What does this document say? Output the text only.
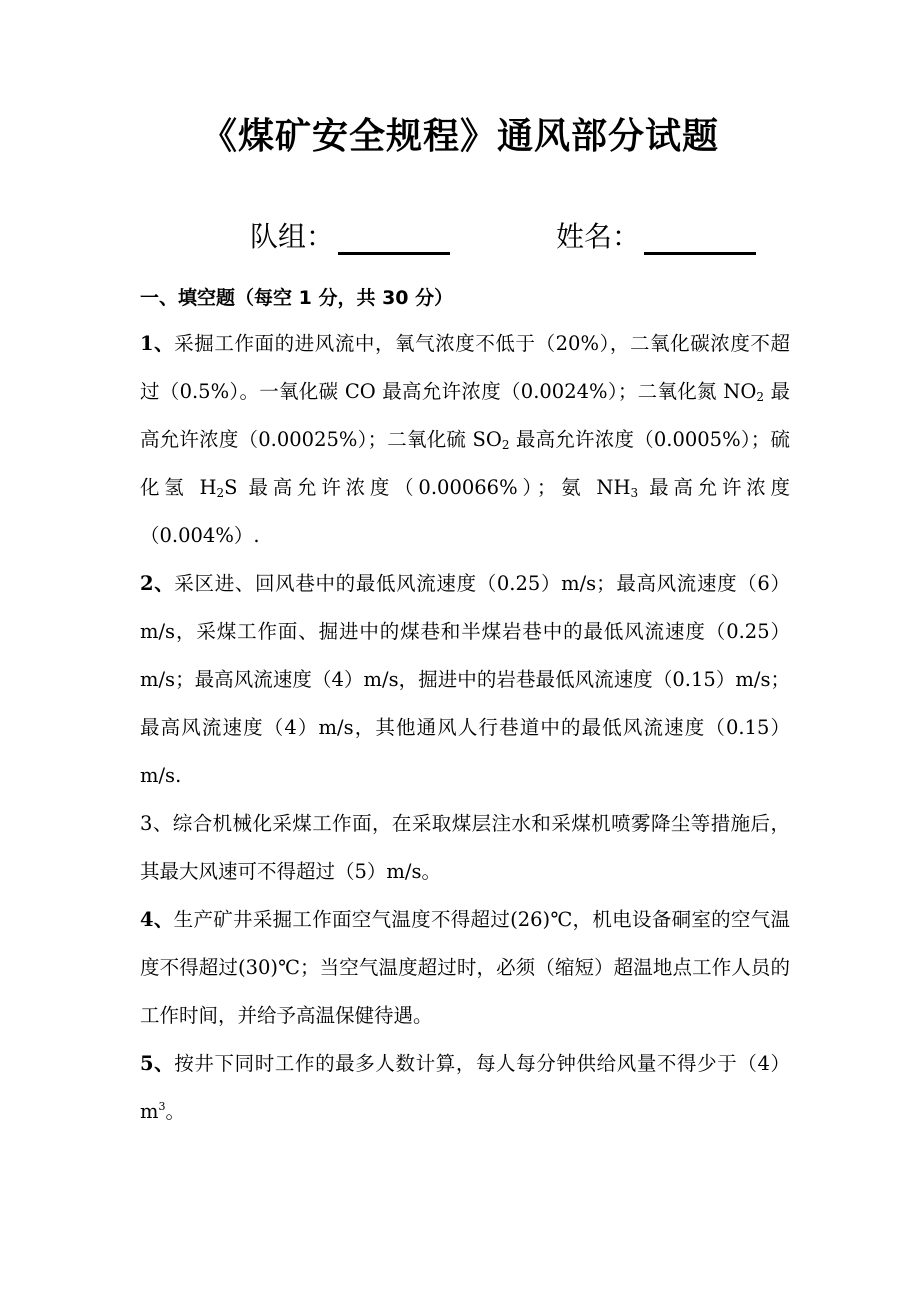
《煤矿安全规程》通风部分试题
队组：	姓名：
一、填空题（每空 1 分，共 30 分）

1、采掘工作面的进风流中，氧气浓度不低于（20%），二氧化碳浓度不超过（0.5%）。一氧化碳 CO 最高允许浓度（0.0024%）；二氧化氮 $NO_2$ 最高允许浓度（0.00025%）；二氧化硫 $SO_2$ 最高允许浓度（0.0005%）；硫化氢 $H_2S$ 最高允许浓度（0.00066%）；氨 $NH_3$ 最高允许浓度（0.004%）.

2、采区进、回风巷中的最低风流速度（0.25）m/s；最高风流速度（6）m/s，采煤工作面、掘进中的煤巷和半煤岩巷中的最低风流速度（0.25）m/s；最高风流速度（4）m/s，掘进中的岩巷最低风流速度（0.15）m/s；最高风流速度（4）m/s，其他通风人行巷道中的最低风流速度（0.15）m/s.

3、综合机械化采煤工作面，在采取煤层注水和采煤机喷雾降尘等措施后，其最大风速可不得超过（5）m/s。

4、生产矿井采掘工作面空气温度不得超过(26)℃，机电设备硐室的空气温度不得超过(30)℃；当空气温度超过时，必须（缩短）超温地点工作人员的工作时间，并给予高温保健待遇。

5、按井下同时工作的最多人数计算，每人每分钟供给风量不得少于$(4)m^3$。
